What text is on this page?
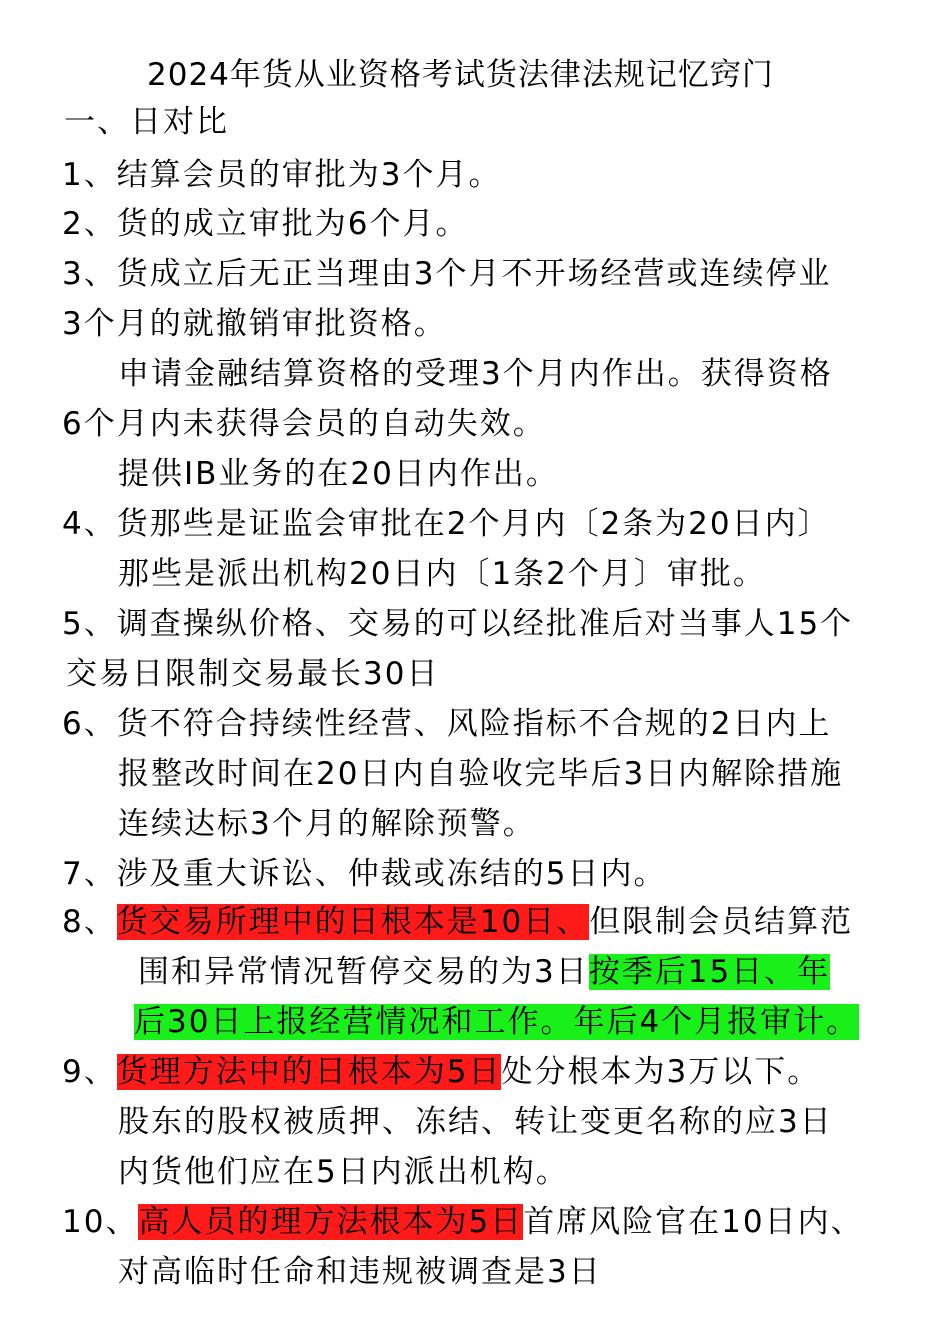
2024年货从业资格考试货法律法规记忆窍门
一、日对比
1、结算会员的审批为3个月。
2、货的成立审批为6个月。
3、货成立后无正当理由3个月不开场经营或连续停业
3个月的就撤销审批资格。
申请金融结算资格的受理3个月内作出。获得资格
6个月内未获得会员的自动失效。
提供IB业务的在20日内作出。
4、货那些是证监会审批在2个月内〔2条为20日内〕
那些是派出机构20日内〔1条2个月〕审批。
5、调查操纵价格、交易的可以经批准后对当事人15个
交易日限制交易最长30日
6、货不符合持续性经营、风险指标不合规的2日内上
报整改时间在20日内自验收完毕后3日内解除措施
连续达标3个月的解除预警。
7、涉及重大诉讼、仲裁或冻结的5日内。
8、货交易所理中的日根本是10日、但限制会员结算范
围和异常情况暂停交易的为3日按季后15日、年
后30日上报经营情况和工作。年后4个月报审计。
9、货理方法中的日根本为5日处分根本为3万以下。
股东的股权被质押、冻结、转让变更名称的应3日
内货他们应在5日内派出机构。
10、高人员的理方法根本为5日首席风险官在10日内、
对高临时任命和违规被调查是3日
